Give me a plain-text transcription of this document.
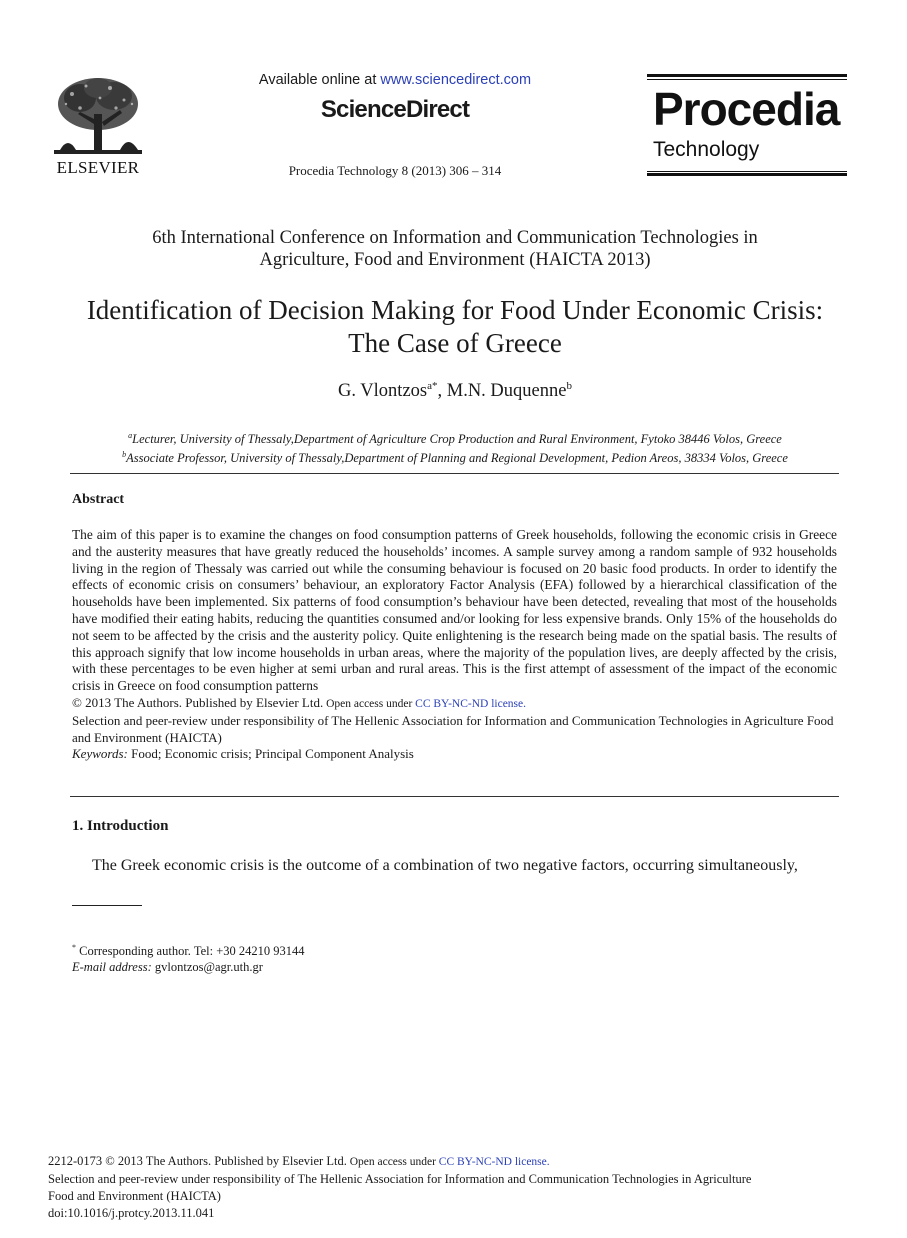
ELSEVIER
Available online at www.sciencedirect.com
ScienceDirect
Procedia Technology 8 (2013) 306 – 314
Procedia
Technology
6th International Conference on Information and Communication Technologies in
Agriculture, Food and Environment (HAICTA 2013)
Identification of Decision Making for Food Under Economic Crisis:
The Case of Greece
G. Vlontzos$^{a*}$, M.N. Duquenne$^b$
$^a$Lecturer, University of Thessaly,Department of Agriculture Crop Production and Rural Environment, Fytoko 38446 Volos, Greece
$^b$Associate Professor, University of Thessaly,Department of Planning and Regional Development, Pedion Areos, 38334 Volos, Greece
Abstract
The aim of this paper is to examine the changes on food consumption patterns of Greek households, following the economic crisis in Greece and the austerity measures that have greatly reduced the households’ incomes. A sample survey among a random sample of 932 households living in the region of Thessaly was carried out while the consuming behaviour is focused on 20 basic food products. In order to identify the effects of economic crisis on consumers’ behaviour, an exploratory Factor Analysis (EFA) followed by a hierarchical classification of the households have been implemented. Six patterns of food consumption’s behaviour have been detected, revealing that most of the households have modified their eating habits, reducing the quantities consumed and/or looking for less expensive brands. Only 15% of the households do not seem to be affected by the crisis and the austerity policy. Quite enlightening is the research being made on the spatial basis. The results of this approach signify that low income households in urban areas, where the majority of the population lives, are deeply affected by the crisis, with these percentages to be even higher at semi urban and rural areas. This is the first attempt of assessment of the impact of the economic crisis in Greece on food consumption patterns
© 2013 The Authors. Published by Elsevier Ltd. Open access under CC BY-NC-ND license.
Selection and peer-review under responsibility of The Hellenic Association for Information and Communication Technologies in Agriculture Food and Environment (HAICTA)
Keywords: Food; Economic crisis; Principal Component Analysis
1. Introduction
The Greek economic crisis is the outcome of a combination of two negative factors, occurring simultaneously,
* Corresponding author. Tel: +30 24210 93144
E-mail address: gvlontzos@agr.uth.gr
2212-0173 © 2013 The Authors. Published by Elsevier Ltd. Open access under CC BY-NC-ND license.
Selection and peer-review under responsibility of The Hellenic Association for Information and Communication Technologies in Agriculture
Food and Environment (HAICTA)
doi:10.1016/j.protcy.2013.11.041
